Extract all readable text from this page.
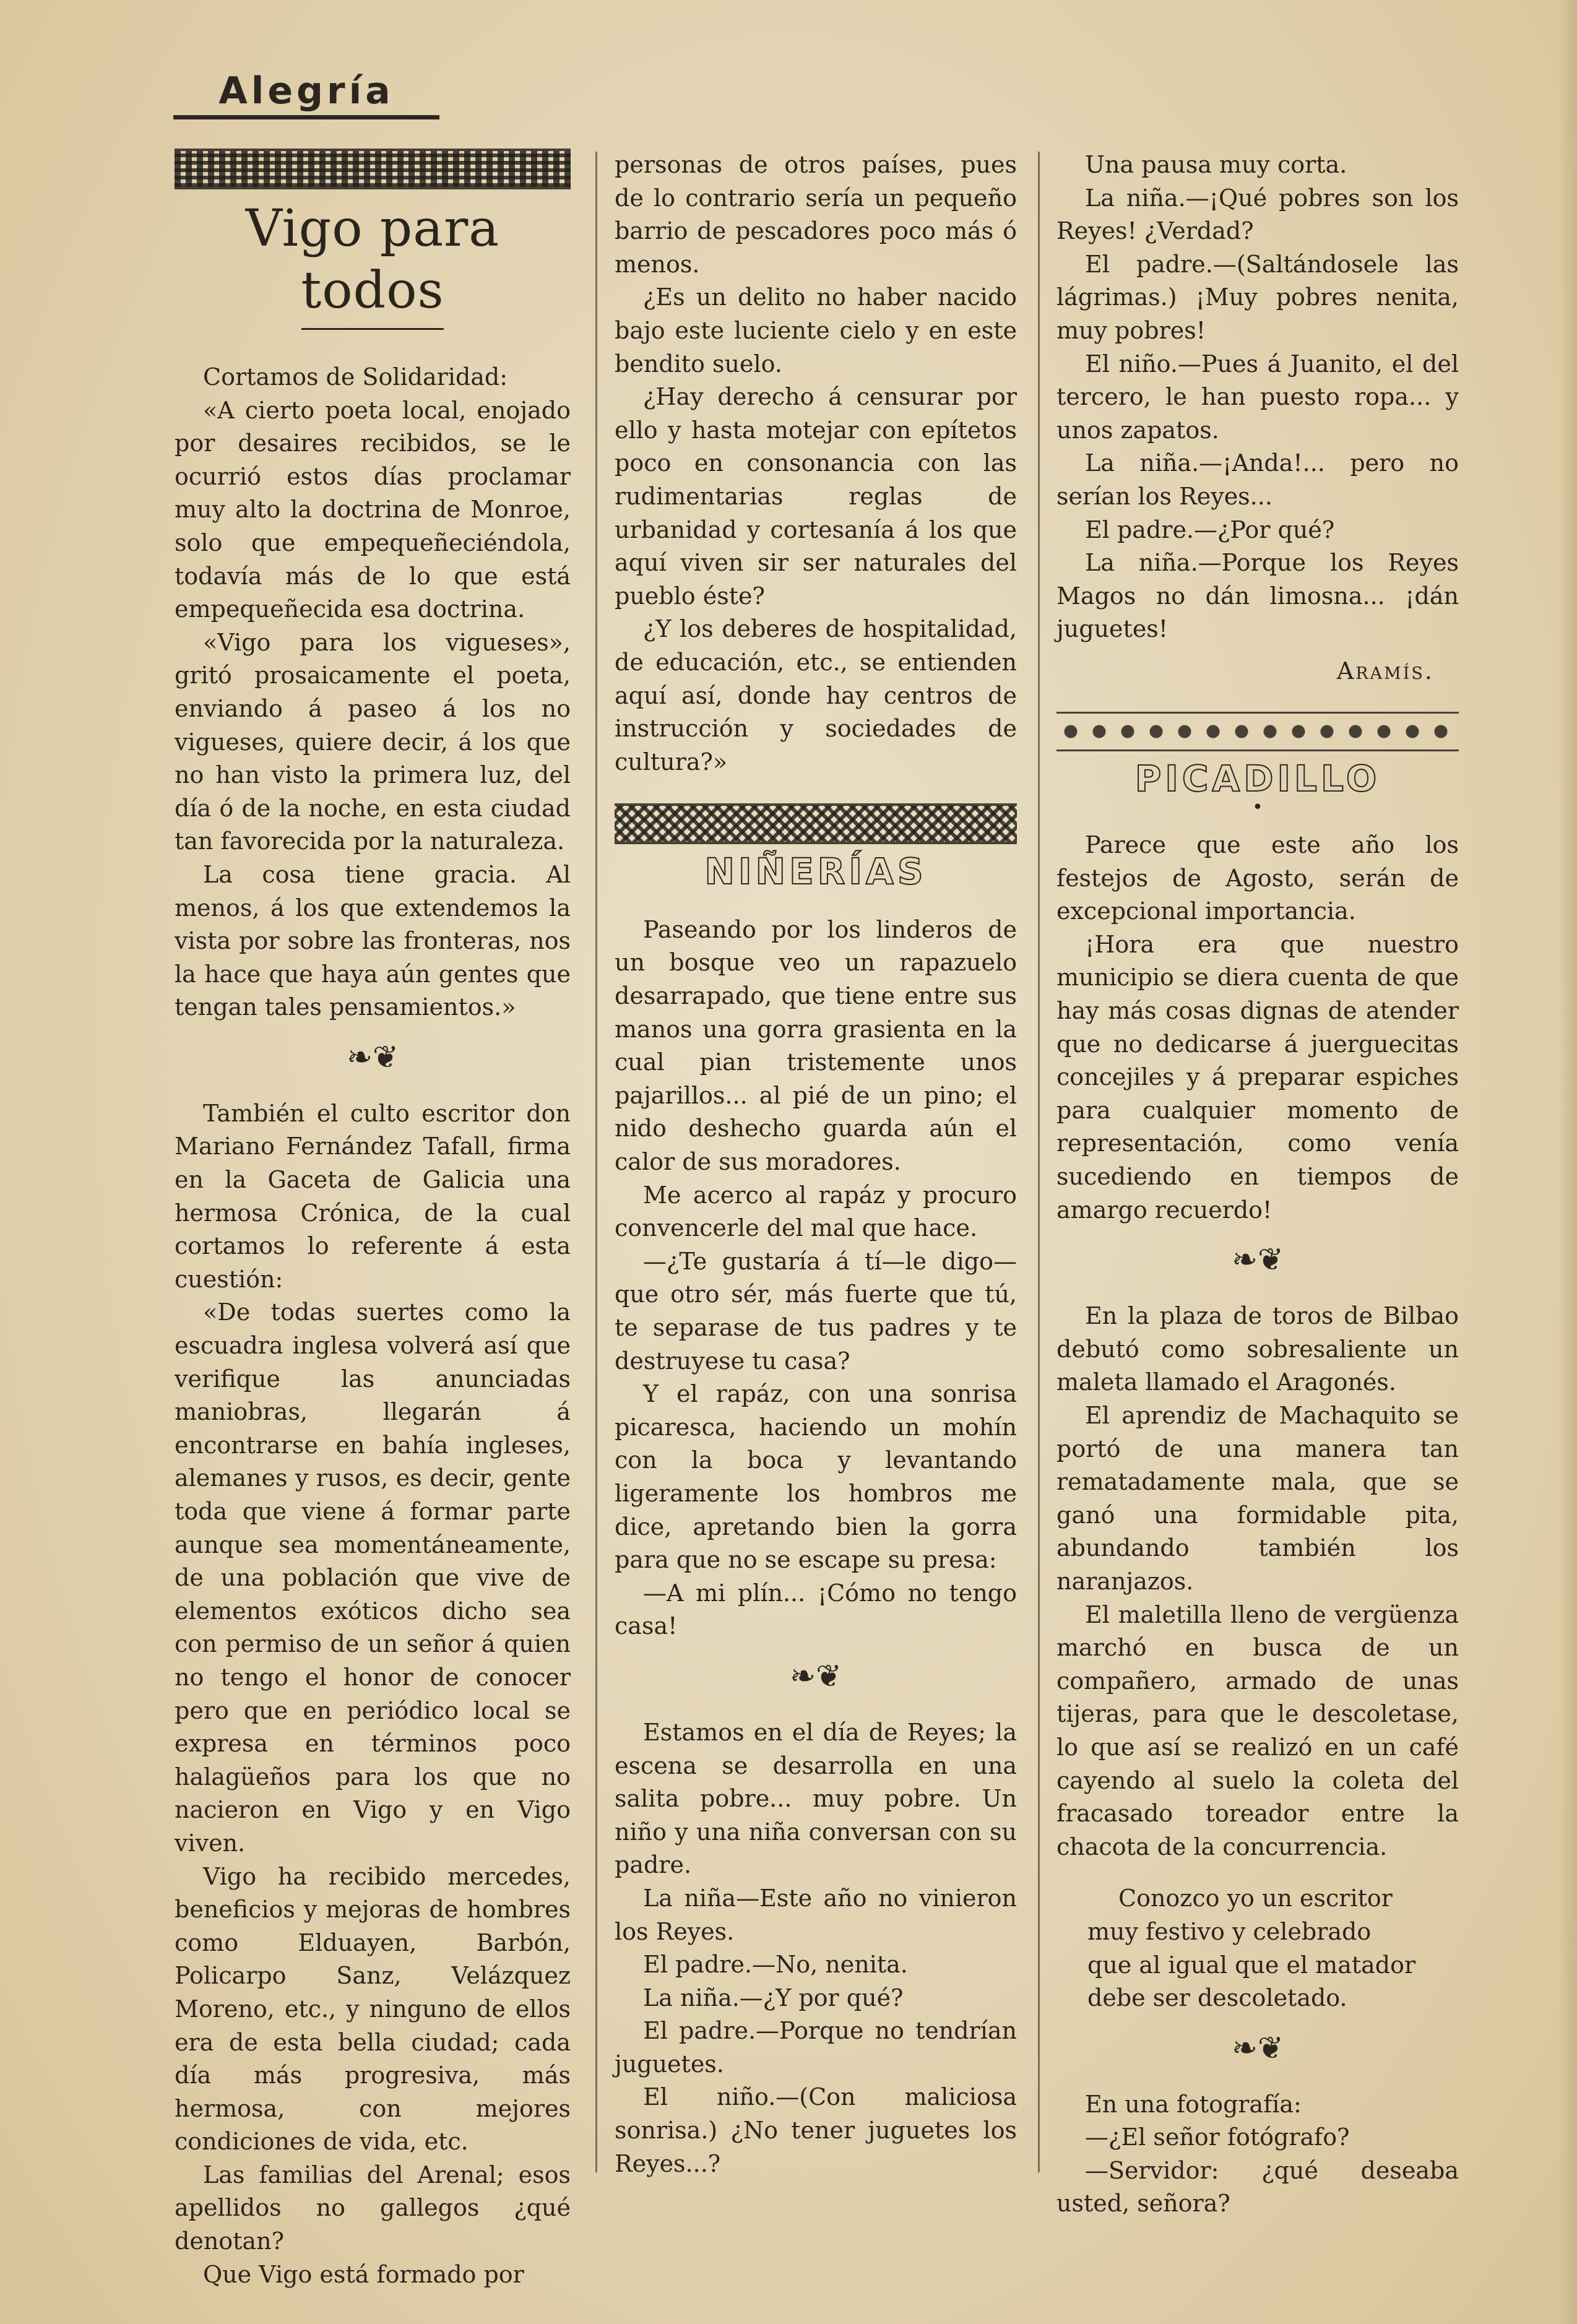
Alegría
Vigo para todos

Cortamos de Solidaridad:

«A cierto poeta local, enojado por desaires recibidos, se le ocurrió estos días proclamar muy alto la doctrina de Monroe, solo que empequeñeciéndola, todavía más de lo que está empequeñecida esa doctrina.

«Vigo para los vigueses», gritó prosaicamente el poeta, enviando á paseo á los no vigueses, quiere decir, á los que no han visto la primera luz, del día ó de la noche, en esta ciudad tan favorecida por la naturaleza.

La cosa tiene gracia. Al menos, á los que extendemos la vista por sobre las fronteras, nos la hace que haya aún gentes que tengan tales pensamientos.»

❧❦

También el culto escritor don Mariano Fernández Tafall, firma en la Gaceta de Galicia una hermosa Crónica, de la cual cortamos lo referente á esta cuestión:

«De todas suertes como la escuadra inglesa volverá así que verifique las anunciadas maniobras, llegarán á encontrarse en bahía ingleses, alemanes y rusos, es decir, gente toda que viene á formar parte aunque sea momentáneamente, de una población que vive de elementos exóticos dicho sea con permiso de un señor á quien no tengo el honor de conocer pero que en periódico local se expresa en términos poco halagüeños para los que no nacieron en Vigo y en Vigo viven.

Vigo ha recibido mercedes, beneficios y mejoras de hombres como Elduayen, Barbón, Policarpo Sanz, Velázquez Moreno, etc., y ninguno de ellos era de esta bella ciudad; cada día más progresiva, más hermosa, con mejores condiciones de vida, etc.

Las familias del Arenal; esos apellidos no gallegos ¿qué denotan?

Que Vigo está formado por

personas de otros países, pues de lo contrario sería un pequeño barrio de pescadores poco más ó menos.

¿Es un delito no haber nacido bajo este luciente cielo y en este bendito suelo.

¿Hay derecho á censurar por ello y hasta motejar con epítetos poco en consonancia con las rudimentarias reglas de urbanidad y cortesanía á los que aquí viven sir ser naturales del pueblo éste?

¿Y los deberes de hospitalidad, de educación, etc., se entienden aquí así, donde hay centros de instrucción y sociedades de cultura?»

NIÑERÍAS

Paseando por los linderos de un bosque veo un rapazuelo desarrapado, que tiene entre sus manos una gorra grasienta en la cual pian tristemente unos pajarillos... al pié de un pino; el nido deshecho guarda aún el calor de sus moradores.

Me acerco al rapáz y procuro convencerle del mal que hace.

—¿Te gustaría á tí—le digo—que otro sér, más fuerte que tú, te separase de tus padres y te destruyese tu casa?

Y el rapáz, con una sonrisa picaresca, haciendo un mohín con la boca y levantando ligeramente los hombros me dice, apretando bien la gorra para que no se escape su presa:

—A mi plín... ¡Cómo no tengo casa!

❧❦

Estamos en el día de Reyes; la escena se desarrolla en una salita pobre... muy pobre. Un niño y una niña conversan con su padre.

La niña—Este año no vinieron los Reyes.

El padre.—No, nenita.

La niña.—¿Y por qué?

El padre.—Porque no tendrían juguetes.

El niño.—(Con maliciosa sonrisa.) ¿No tener juguetes los Reyes...?

Una pausa muy corta.

La niña.—¡Qué pobres son los Reyes! ¿Verdad?

El padre.—(Saltándosele las lágrimas.) ¡Muy pobres nenita, muy pobres!

El niño.—Pues á Juanito, el del tercero, le han puesto ropa... y unos zapatos.

La niña.—¡Anda!... pero no serían los Reyes...

El padre.—¿Por qué?

La niña.—Porque los Reyes Magos no dán limosna... ¡dán juguetes!

Aramís.
PICADILLO
•

Parece que este año los festejos de Agosto, serán de excepcional importancia.

¡Hora era que nuestro municipio se diera cuenta de que hay más cosas dignas de atender que no dedicarse á juerguecitas concejiles y á preparar espiches para cualquier momento de representación, como venía sucediendo en tiempos de amargo recuerdo!

❧❦

En la plaza de toros de Bilbao debutó como sobresaliente un maleta llamado el Aragonés.

El aprendiz de Machaquito se portó de una manera tan rematadamente mala, que se ganó una formidable pita, abundando también los naranjazos.

El maletilla lleno de vergüenza marchó en busca de un compañero, armado de unas tijeras, para que le descoletase, lo que así se realizó en un café cayendo al suelo la coleta del fracasado toreador entre la chacota de la concurrencia.

Conozco yo un escritor

muy festivo y celebrado

que al igual que el matador

debe ser descoletado.

❧❦

En una fotografía:

—¿El señor fotógrafo?

—Servidor: ¿qué deseaba usted, señora?
